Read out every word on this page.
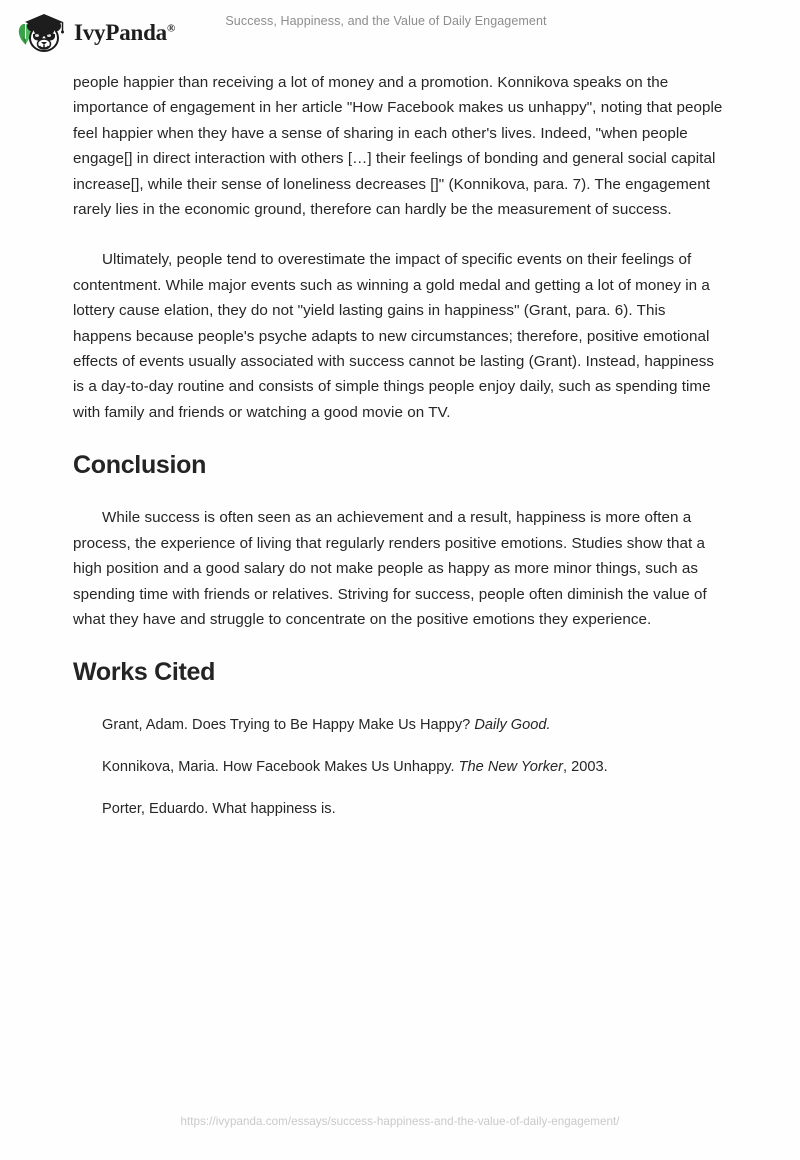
IvyPanda®	Success, Happiness, and the Value of Daily Engagement

people happier than receiving a lot of money and a promotion. Konnikova speaks on the importance of engagement in her article "How Facebook makes us unhappy", noting that people feel happier when they have a sense of sharing in each other's lives. Indeed, "when people engage[] in direct interaction with others […] their feelings of bonding and general social capital increase[], while their sense of loneliness decreases []" (Konnikova, para. 7). The engagement rarely lies in the economic ground, therefore can hardly be the measurement of success.

Ultimately, people tend to overestimate the impact of specific events on their feelings of contentment. While major events such as winning a gold medal and getting a lot of money in a lottery cause elation, they do not "yield lasting gains in happiness" (Grant, para. 6). This happens because people's psyche adapts to new circumstances; therefore, positive emotional effects of events usually associated with success cannot be lasting (Grant). Instead, happiness is a day-to-day routine and consists of simple things people enjoy daily, such as spending time with family and friends or watching a good movie on TV.

Conclusion

While success is often seen as an achievement and a result, happiness is more often a process, the experience of living that regularly renders positive emotions. Studies show that a high position and a good salary do not make people as happy as more minor things, such as spending time with friends or relatives. Striving for success, people often diminish the value of what they have and struggle to concentrate on the positive emotions they experience.

Works Cited
Grant, Adam. Does Trying to Be Happy Make Us Happy? Daily Good.
Konnikova, Maria. How Facebook Makes Us Unhappy. The New Yorker, 2003.
Porter, Eduardo. What happiness is.
https://ivypanda.com/essays/success-happiness-and-the-value-of-daily-engagement/
